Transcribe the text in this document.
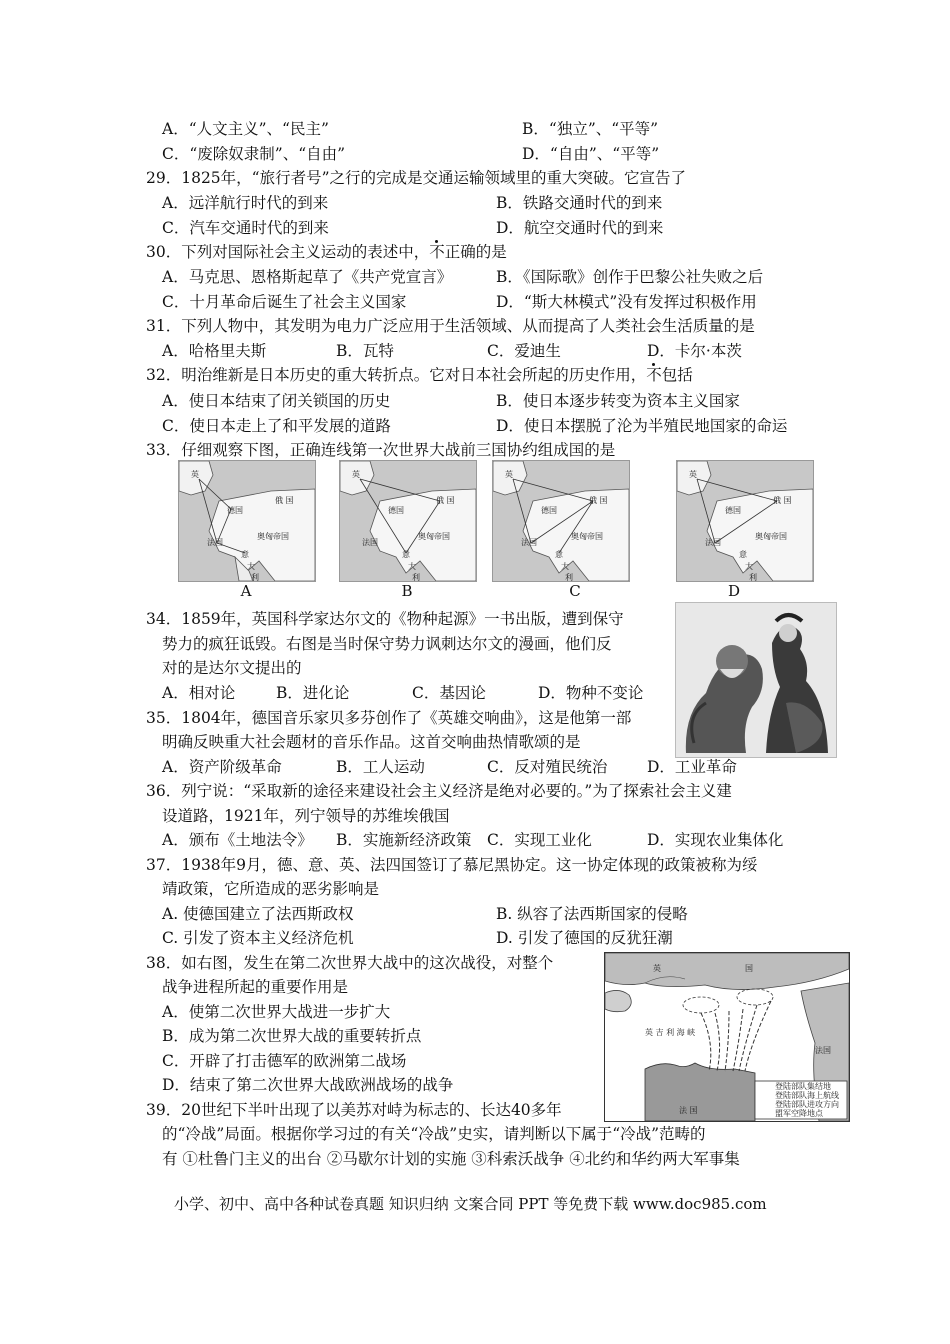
A．“人文主义”、“民主”	B．“独立”、“平等”
C．“废除奴隶制”、“自由”	D．“自由”、“平等”
29．1825年，“旅行者号”之行的完成是交通运输领域里的重大突破。它宣告了
A．远洋航行时代的到来	B．铁路交通时代的到来
C．汽车交通时代的到来	D．航空交通时代的到来
30．下列对国际社会主义运动的表述中，不正确的是
A．马克思、恩格斯起草了《共产党宣言》	B．《国际歌》创作于巴黎公社失败之后
C．十月革命后诞生了社会主义国家	D．“斯大林模式”没有发挥过积极作用
31．下列人物中，其发明为电力广泛应用于生活领域、从而提高了人类社会生活质量的是
A．哈格里夫斯	B．瓦特	C．爱迪生	D．卡尔·本茨
32．明治维新是日本历史的重大转折点。它对日本社会所起的历史作用，不包括
A．使日本结束了闭关锁国的历史	B．使日本逐步转变为资本主义国家
C．使日本走上了和平发展的道路	D．使日本摆脱了沦为半殖民地国家的命运
33．仔细观察下图，正确连线第一次世界大战前三国协约组成国的是
英
俄 国
德国
法国
奥匈帝国
意
大
利
A
英
俄 国
德国
法国
奥匈帝国
意
大
利
B
英
俄 国
德国
法国
奥匈帝国
意
大
利
C
英
俄 国
德国
法国
奥匈帝国
意
大
利
D
34．1859年，英国科学家达尔文的《物种起源》一书出版，遭到保守
势力的疯狂诋毁。右图是当时保守势力讽刺达尔文的漫画，他们反
对的是达尔文提出的
A．相对论	B．进化论	C．基因论	D．物种不变论
35．1804年，德国音乐家贝多芬创作了《英雄交响曲》，这是他第一部
明确反映重大社会题材的音乐作品。这首交响曲热情歌颂的是
A．资产阶级革命	B．工人运动	C．反对殖民统治	D．工业革命
36．列宁说：“采取新的途径来建设社会主义经济是绝对必要的。”为了探索社会主义建
设道路，1921年，列宁领导的苏维埃俄国
A．颁布《土地法令》 B．实施新经济政策 C．实现工业化	D．实现农业集体化
37．1938年9月，德、意、英、法四国签订了慕尼黑协定。这一协定体现的政策被称为绥
靖政策，它所造成的恶劣影响是
A. 使德国建立了法西斯政权	B. 纵容了法西斯国家的侵略
C. 引发了资本主义经济危机	D. 引发了德国的反犹狂潮
38．如右图，发生在第二次世界大战中的这次战役，对整个
战争进程所起的重要作用是
A．使第二次世界大战进一步扩大
B．成为第二次世界大战的重要转折点
C．开辟了打击德军的欧洲第二战场
D．结束了第二次世界大战欧洲战场的战争
英	国
英 吉 利 海 峡
法国
法 国
登陆部队集结地
登陆部队海上航线
登陆部队进攻方向
盟军空降地点
39．20世纪下半叶出现了以美苏对峙为标志的、长达40多年
的“冷战”局面。根据你学习过的有关“冷战”史实，请判断以下属于“冷战”范畴的
有 ①杜鲁门主义的出台 ②马歇尔计划的实施 ③科索沃战争 ④北约和华约两大军事集
小学、初中、高中各种试卷真题 知识归纳 文案合同 PPT 等免费下载 www.doc985.com
